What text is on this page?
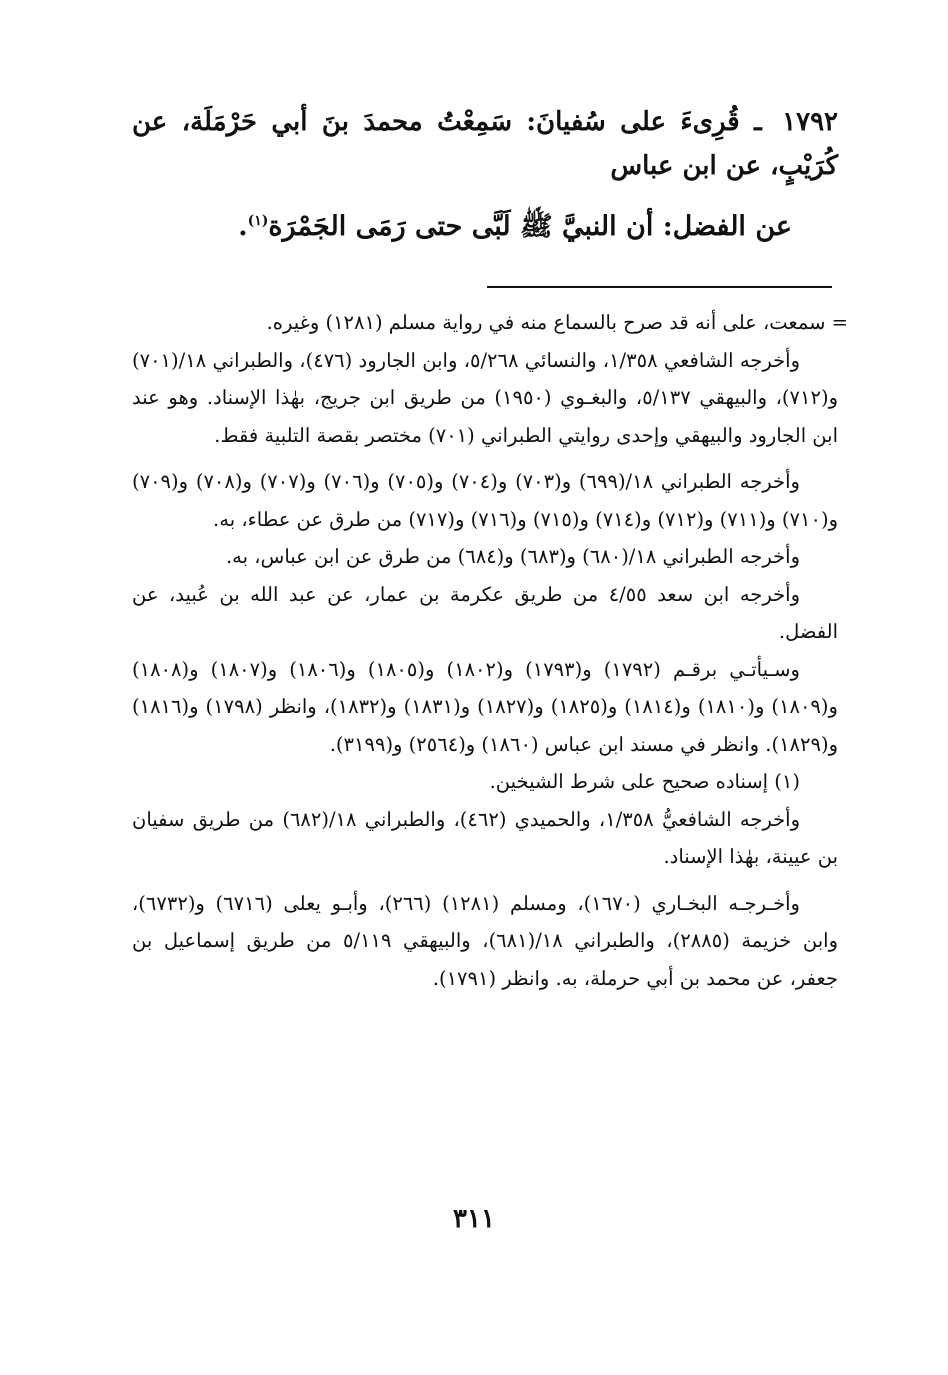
١٧٩٢ ـ قُرِىءَ على سُفيانَ: سَمِعْتُ محمدَ بنَ أبي حَرْمَلَة، عن كُرَيْبٍ، عن ابن عباس
عن الفضل: أن النبيَّ ﷺ لَبَّى حتى رَمَى الجَمْرَة$^{(١)}$.

= سمعت، على أنه قد صرح بالسماع منه في رواية مسلم (١٢٨١) وغيره.

وأخرجه الشافعي ١/٣٥٨، والنسائي ٥/٢٦٨، وابن الجارود (٤٧٦)، والطبراني ١٨/(٧٠١) و(٧١٢)، والبيهقي ٥/١٣٧، والبغـوي (١٩٥٠) من طريق ابن جريج، بهٰذا الإسناد. وهو عند ابن الجارود والبيهقي وإحدى روايتي الطبراني (٧٠١) مختصر بقصة التلبية فقط.

وأخرجه الطبراني ١٨/(٦٩٩) و(٧٠٣) و(٧٠٤) و(٧٠٥) و(٧٠٦) و(٧٠٧) و(٧٠٨) و(٧٠٩) و(٧١٠) و(٧١١) و(٧١٢) و(٧١٤) و(٧١٥) و(٧١٦) و(٧١٧) من طرق عن عطاء، به.

وأخرجه الطبراني ١٨/(٦٨٠) و(٦٨٣) و(٦٨٤) من طرق عن ابن عباس، به.

وأخرجه ابن سعد ٤/٥٥ من طريق عكرمة بن عمار، عن عبد الله بن عُبيد، عن الفضل.

وسـيأتـي برقـم (١٧٩٢) و(١٧٩٣) و(١٨٠٢) و(١٨٠٥) و(١٨٠٦) و(١٨٠٧) و(١٨٠٨) و(١٨٠٩) و(١٨١٠) و(١٨١٤) و(١٨٢٥) و(١٨٢٧) و(١٨٣١) و(١٨٣٢)، وانظر (١٧٩٨) و(١٨١٦) و(١٨٢٩). وانظر في مسند ابن عباس (١٨٦٠) و(٢٥٦٤) و(٣١٩٩).

(١) إسناده صحيح على شرط الشيخين.

وأخرجه الشافعيُّ ١/٣٥٨، والحميدي (٤٦٢)، والطبراني ١٨/(٦٨٢) من طريق سفيان بن عيينة، بهٰذا الإسناد.

وأخـرجـه البخـاري (١٦٧٠)، ومسلم (١٢٨١) (٢٦٦)، وأبـو يعلى (٦٧١٦) و(٦٧٣٢)، وابن خزيمة (٢٨٨٥)، والطبراني ١٨/(٦٨١)، والبيهقي ٥/١١٩ من طريق إسماعيل بن جعفر، عن محمد بن أبي حرملة، به. وانظر (١٧٩١).

٣١١
